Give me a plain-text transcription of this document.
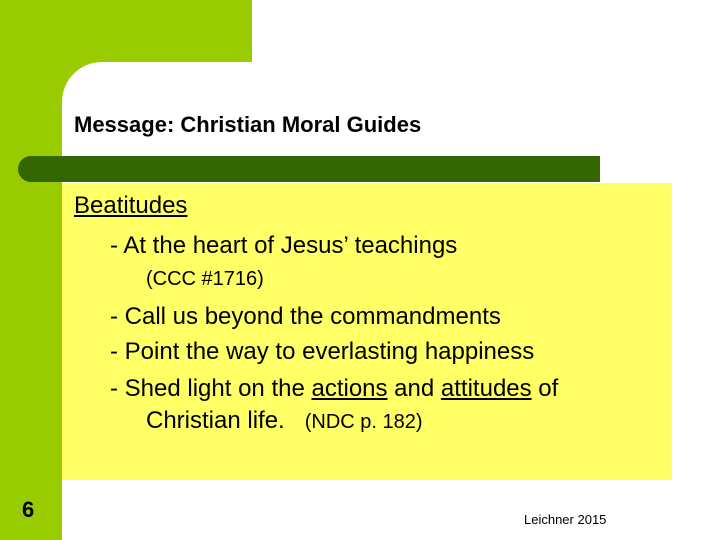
Message: Christian Moral Guides
Beatitudes
- At the heart of Jesus’ teachings
(CCC #1716)
- Call us beyond the commandments
- Point the way to everlasting happiness
- Shed light on the actions and attitudes of
Christian life. (NDC p. 182)
6	Leichner 2015
